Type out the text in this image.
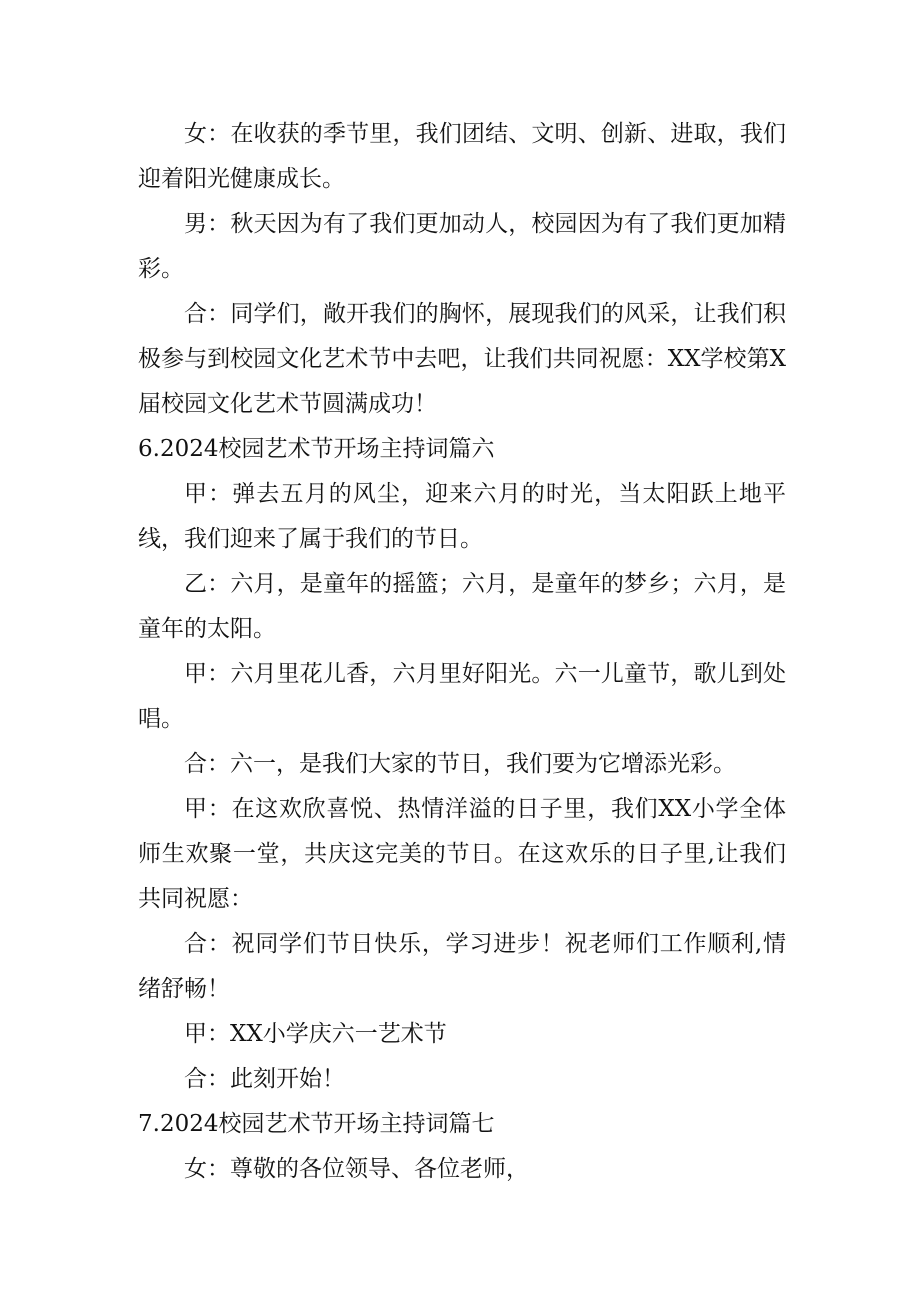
女：在收获的季节里，我们团结、文明、创新、进取，我们迎着阳光健康成长。

男：秋天因为有了我们更加动人，校园因为有了我们更加精彩。

合：同学们，敞开我们的胸怀，展现我们的风采，让我们积极参与到校园文化艺术节中去吧，让我们共同祝愿：XX学校第X届校园文化艺术节圆满成功！

6.2024校园艺术节开场主持词篇六

甲：弹去五月的风尘，迎来六月的时光，当太阳跃上地平线，我们迎来了属于我们的节日。

乙：六月，是童年的摇篮；六月，是童年的梦乡；六月，是童年的太阳。

甲：六月里花儿香，六月里好阳光。六一儿童节，歌儿到处唱。

合：六一，是我们大家的节日，我们要为它增添光彩。

甲：在这欢欣喜悦、热情洋溢的日子里，我们XX小学全体师生欢聚一堂，共庆这完美的节日。在这欢乐的日子里,让我们共同祝愿：

合：祝同学们节日快乐，学习进步！祝老师们工作顺利,情绪舒畅！

甲：XX小学庆六一艺术节

合：此刻开始！

7.2024校园艺术节开场主持词篇七

女：尊敬的各位领导、各位老师，
